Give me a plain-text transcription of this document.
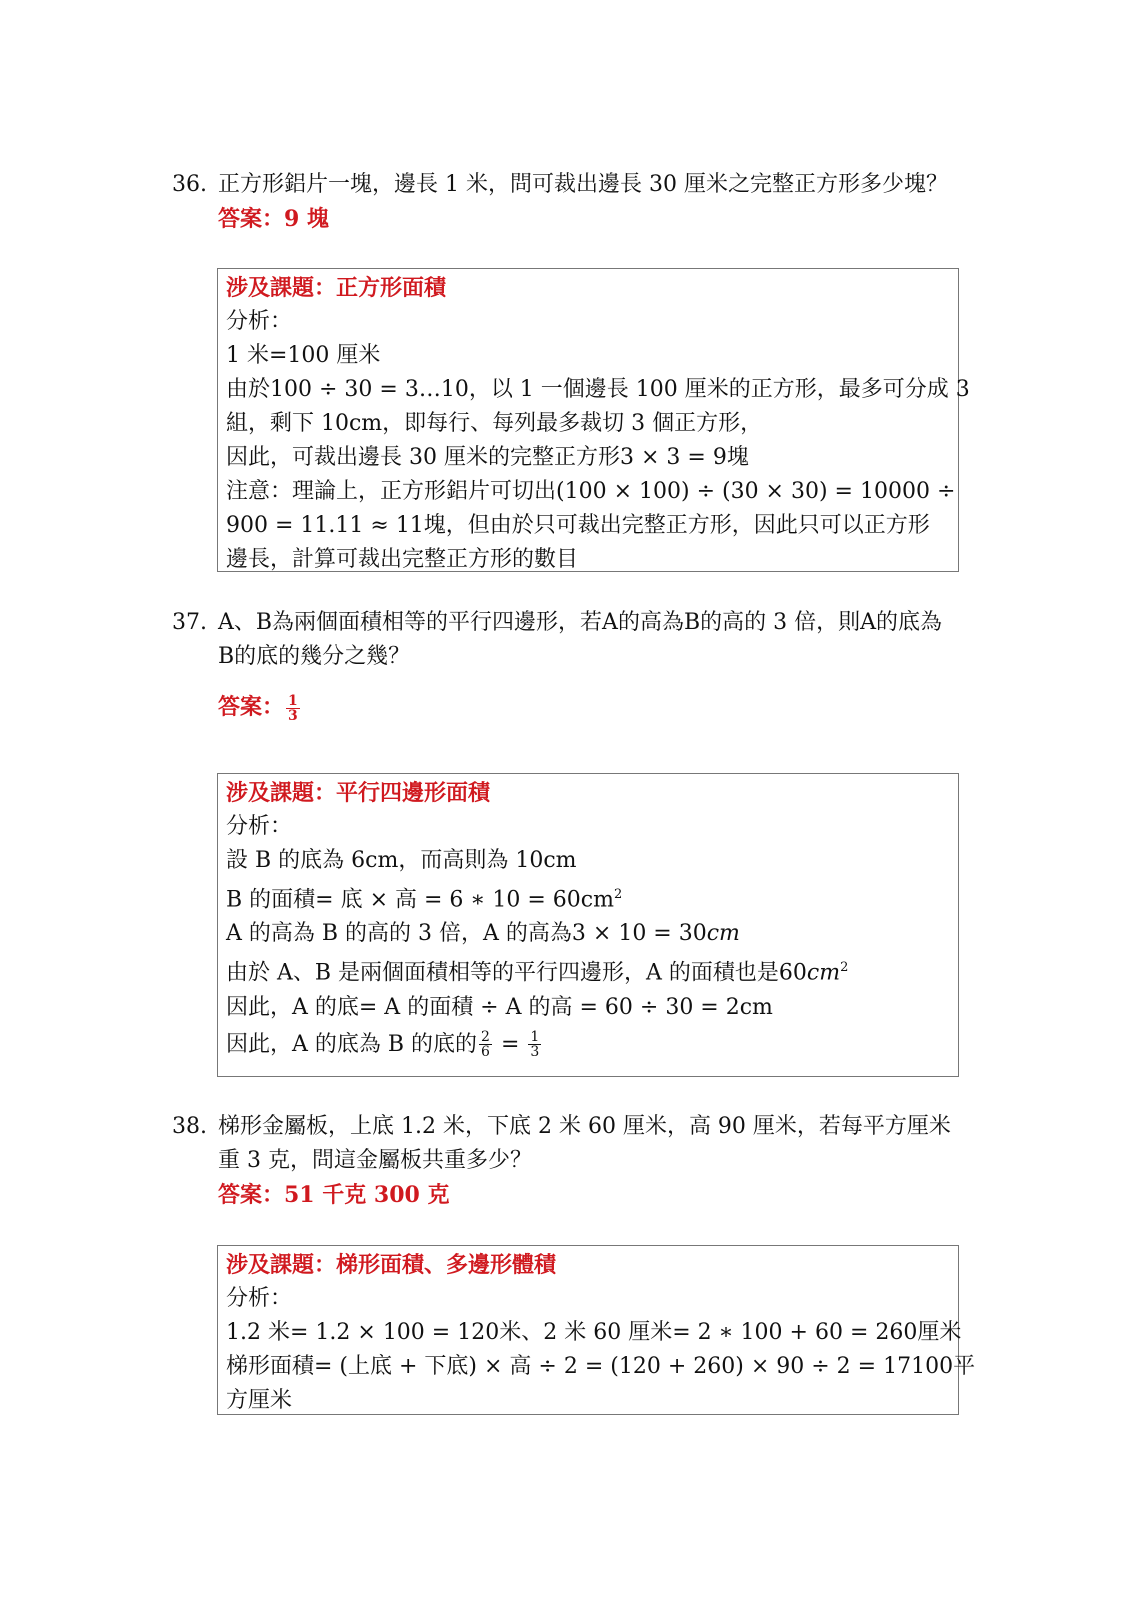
36. 正方形鋁片一塊，邊長 1 米，問可裁出邊長 30 厘米之完整正方形多少塊？
答案：9 塊
涉及課題：正方形面積
分析：
1 米=100 厘米
由於100 ÷ 30 = 3…10，以 1 一個邊長 100 厘米的正方形，最多可分成 3
組，剩下 10cm，即每行、每列最多裁切 3 個正方形，
因此，可裁出邊長 30 厘米的完整正方形3 × 3 = 9塊
注意：理論上，正方形鋁片可切出(100 × 100) ÷ (30 × 30) = 10000 ÷
900 = 11.11 ≈ 11塊，但由於只可裁出完整正方形，因此只可以正方形
邊長，計算可裁出完整正方形的數目
37. A、B為兩個面積相等的平行四邊形，若A的高為B的高的 3 倍，則A的底為
B的底的幾分之幾？
答案： $\frac{1}{3}$
涉及課題：平行四邊形面積
分析：
設 B 的底為 6cm，而高則為 10cm
B 的面積= 底 × 高 = 6 ∗ $10 = 60cm^2$
A 的高為 B 的高的 3 倍，A 的高為3 × 10 = 30cm
由於 A、B 是兩個面積相等的平行四邊形，A 的面積也是$60cm^2$
因此，A 的底= A 的面積 ÷ A 的高 = 60 ÷ 30 = 2cm
因此，A 的底為 B 的底的 $\frac{2}{6} = \frac{1}{3}$
38. 梯形金屬板，上底 1.2 米，下底 2 米 60 厘米，高 90 厘米，若每平方厘米
重 3 克，問這金屬板共重多少？
答案：51 千克 300 克
涉及課題：梯形面積、多邊形體積
分析：
1.2 米= 1.2 × 100 = 120米、2 米 60 厘米= 2 ∗ 100 + 60 = 260厘米
梯形面積= (上底 + 下底) × 高 ÷ 2 = (120 + 260) × 90 ÷ 2 = 17100平
方厘米
